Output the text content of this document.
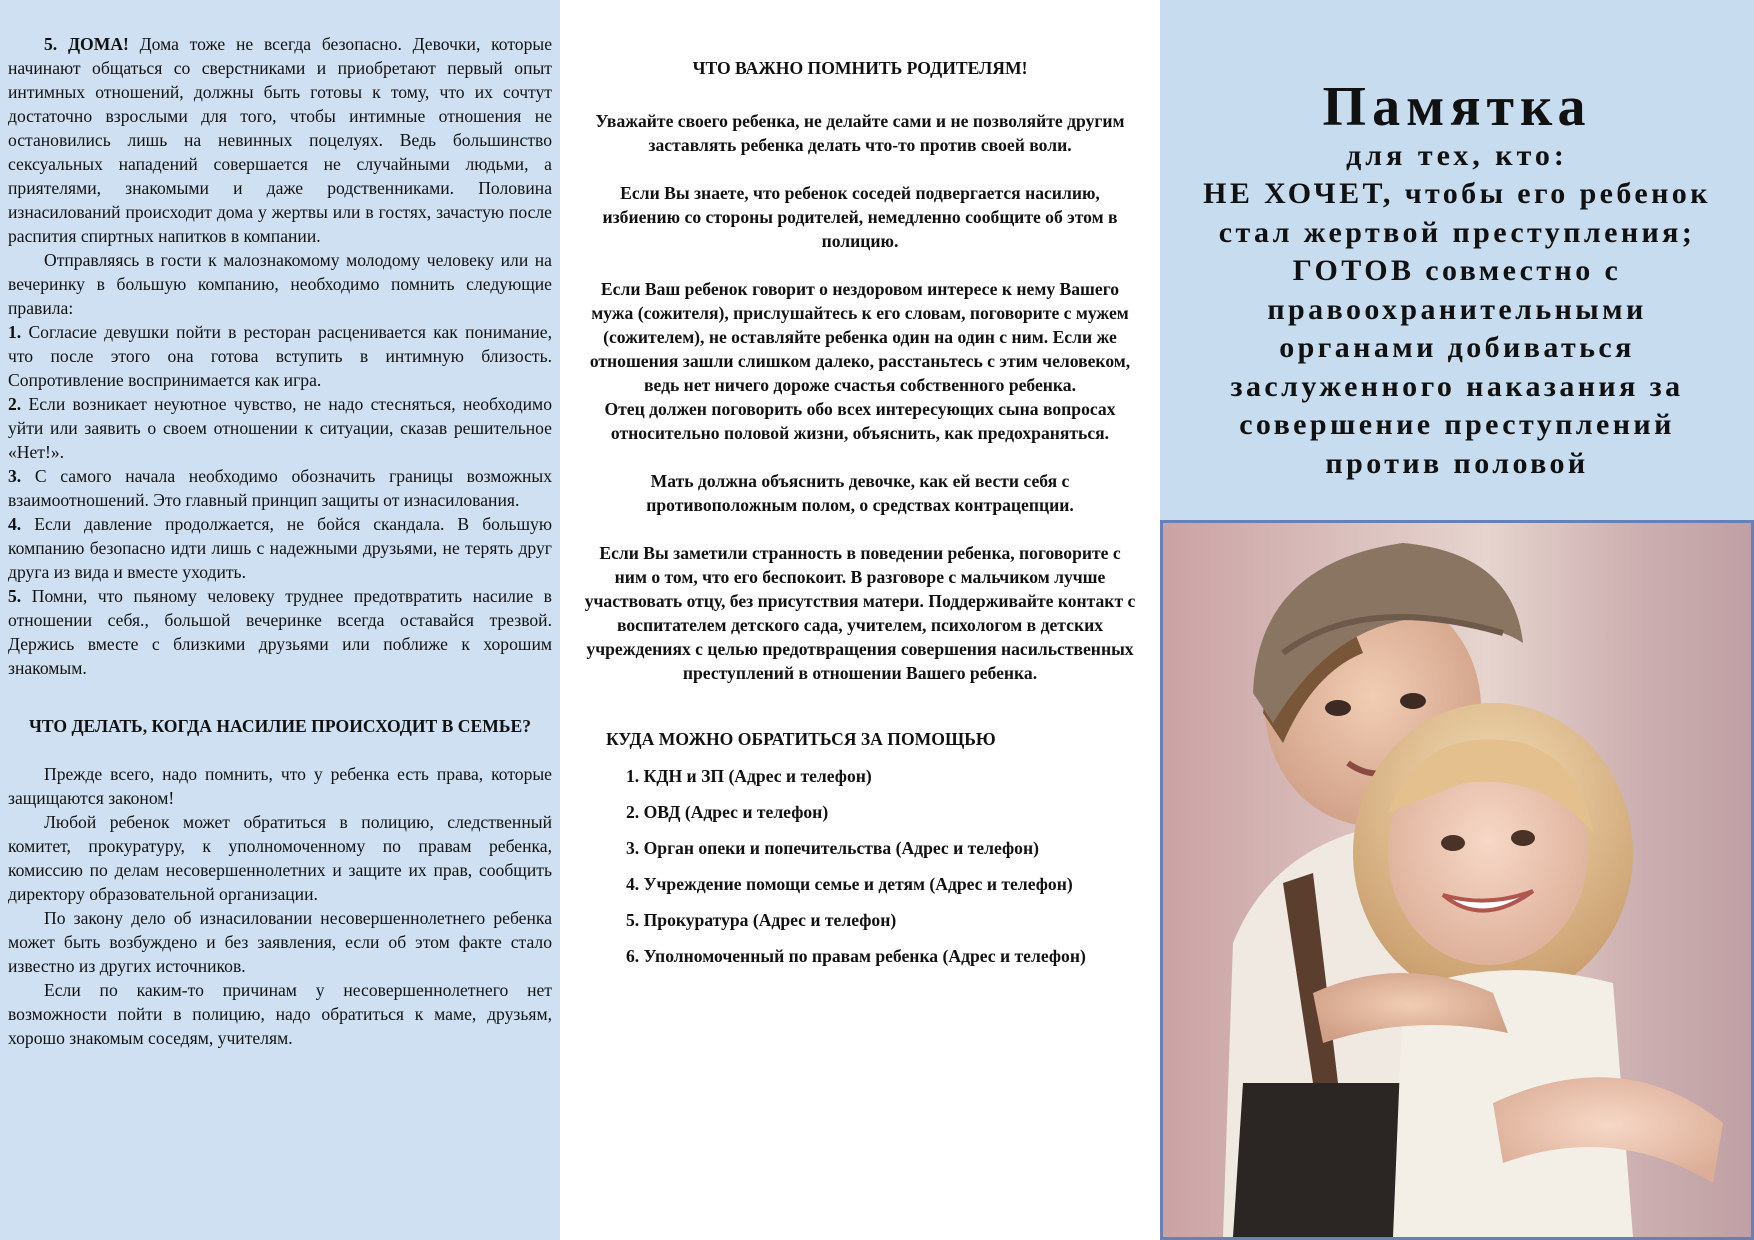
5. ДОМА! Дома тоже не всегда безопасно. Девочки, которые начинают общаться со сверстниками и приобретают первый опыт интимных отношений, должны быть готовы к тому, что их сочтут достаточно взрослыми для того, чтобы интимные отношения не остановились лишь на невинных поцелуях. Ведь большинство сексуальных нападений совершается не случайными людьми, а приятелями, знакомыми и даже родственниками. Половина изнасилований происходит дома у жертвы или в гостях, зачастую после распития спиртных напитков в компании.

Отправляясь в гости к малознакомому молодому человеку или на вечеринку в большую компанию, необходимо помнить следующие правила:

1. Согласие девушки пойти в ресторан расценивается как понимание, что после этого она готова вступить в интимную близость. Сопротивление воспринимается как игра.

2. Если возникает неуютное чувство, не надо стесняться, необходимо уйти или заявить о своем отношении к ситуации, сказав решительное «Нет!».

3. С самого начала необходимо обозначить границы возможных взаимоотношений. Это главный принцип защиты от изнасилования.

4. Если давление продолжается, не бойся скандала. В большую компанию безопасно идти лишь с надежными друзьями, не терять друг друга из вида и вместе уходить.

5. Помни, что пьяному человеку труднее предотвратить насилие в отношении себя., большой вечеринке всегда оставайся трезвой. Держись вместе с близкими друзьями или поближе к хорошим знакомым.

ЧТО ДЕЛАТЬ, КОГДА НАСИЛИЕ ПРОИСХОДИТ В СЕМЬЕ?

Прежде всего, надо помнить, что у ребенка есть права, которые защищаются законом!

Любой ребенок может обратиться в полицию, следственный комитет, прокуратуру, к уполномоченному по правам ребенка, комиссию по делам несовершеннолетних и защите их прав, сообщить директору образовательной организации.

По закону дело об изнасиловании несовершеннолетнего ребенка может быть возбуждено и без заявления, если об этом факте стало известно из других источников.

Если по каким-то причинам у несовершеннолетнего нет возможности пойти в полицию, надо обратиться к маме, друзьям, хорошо знакомым соседям, учителям.

ЧТО ВАЖНО ПОМНИТЬ РОДИТЕЛЯМ!

Уважайте своего ребенка, не делайте сами и не позволяйте другим заставлять ребенка делать что-то против своей воли.

Если Вы знаете, что ребенок соседей подвергается насилию, избиению со стороны родителей, немедленно сообщите об этом в полицию.

Если Ваш ребенок говорит о нездоровом интересе к нему Вашего мужа (сожителя), прислушайтесь к его словам, поговорите с мужем (сожителем), не оставляйте ребенка один на один с ним. Если же отношения зашли слишком далеко, расстаньтесь с этим человеком, ведь нет ничего дороже счастья собственного ребенка.

Отец должен поговорить обо всех интересующих сына вопросах относительно половой жизни, объяснить, как предохраняться.

Мать должна объяснить девочке, как ей вести себя с противоположным полом, о средствах контрацепции.

Если Вы заметили странность в поведении ребенка, поговорите с ним о том, что его беспокоит. В разговоре с мальчиком лучше участвовать отцу, без присутствия матери. Поддерживайте контакт с воспитателем детского сада, учителем, психологом в детских учреждениях с целью предотвращения совершения насильственных преступлений в отношении Вашего ребенка.

КУДА МОЖНО ОБРАТИТЬСЯ ЗА ПОМОЩЬЮ

1. КДН и ЗП (Адрес и телефон)
2. ОВД (Адрес и телефон)
3. Орган опеки и попечительства (Адрес и телефон)
4. Учреждение помощи семье и детям (Адрес и телефон)
5. Прокуратура (Адрес и телефон)
6. Уполномоченный по правам ребенка (Адрес и телефон)

Памятка

для тех, кто:

НЕ ХОЧЕТ, чтобы его ребенок

стал жертвой преступления;

ГОТОВ совместно с

правоохранительными

органами добиваться

заслуженного наказания за

совершение преступлений

против половой
